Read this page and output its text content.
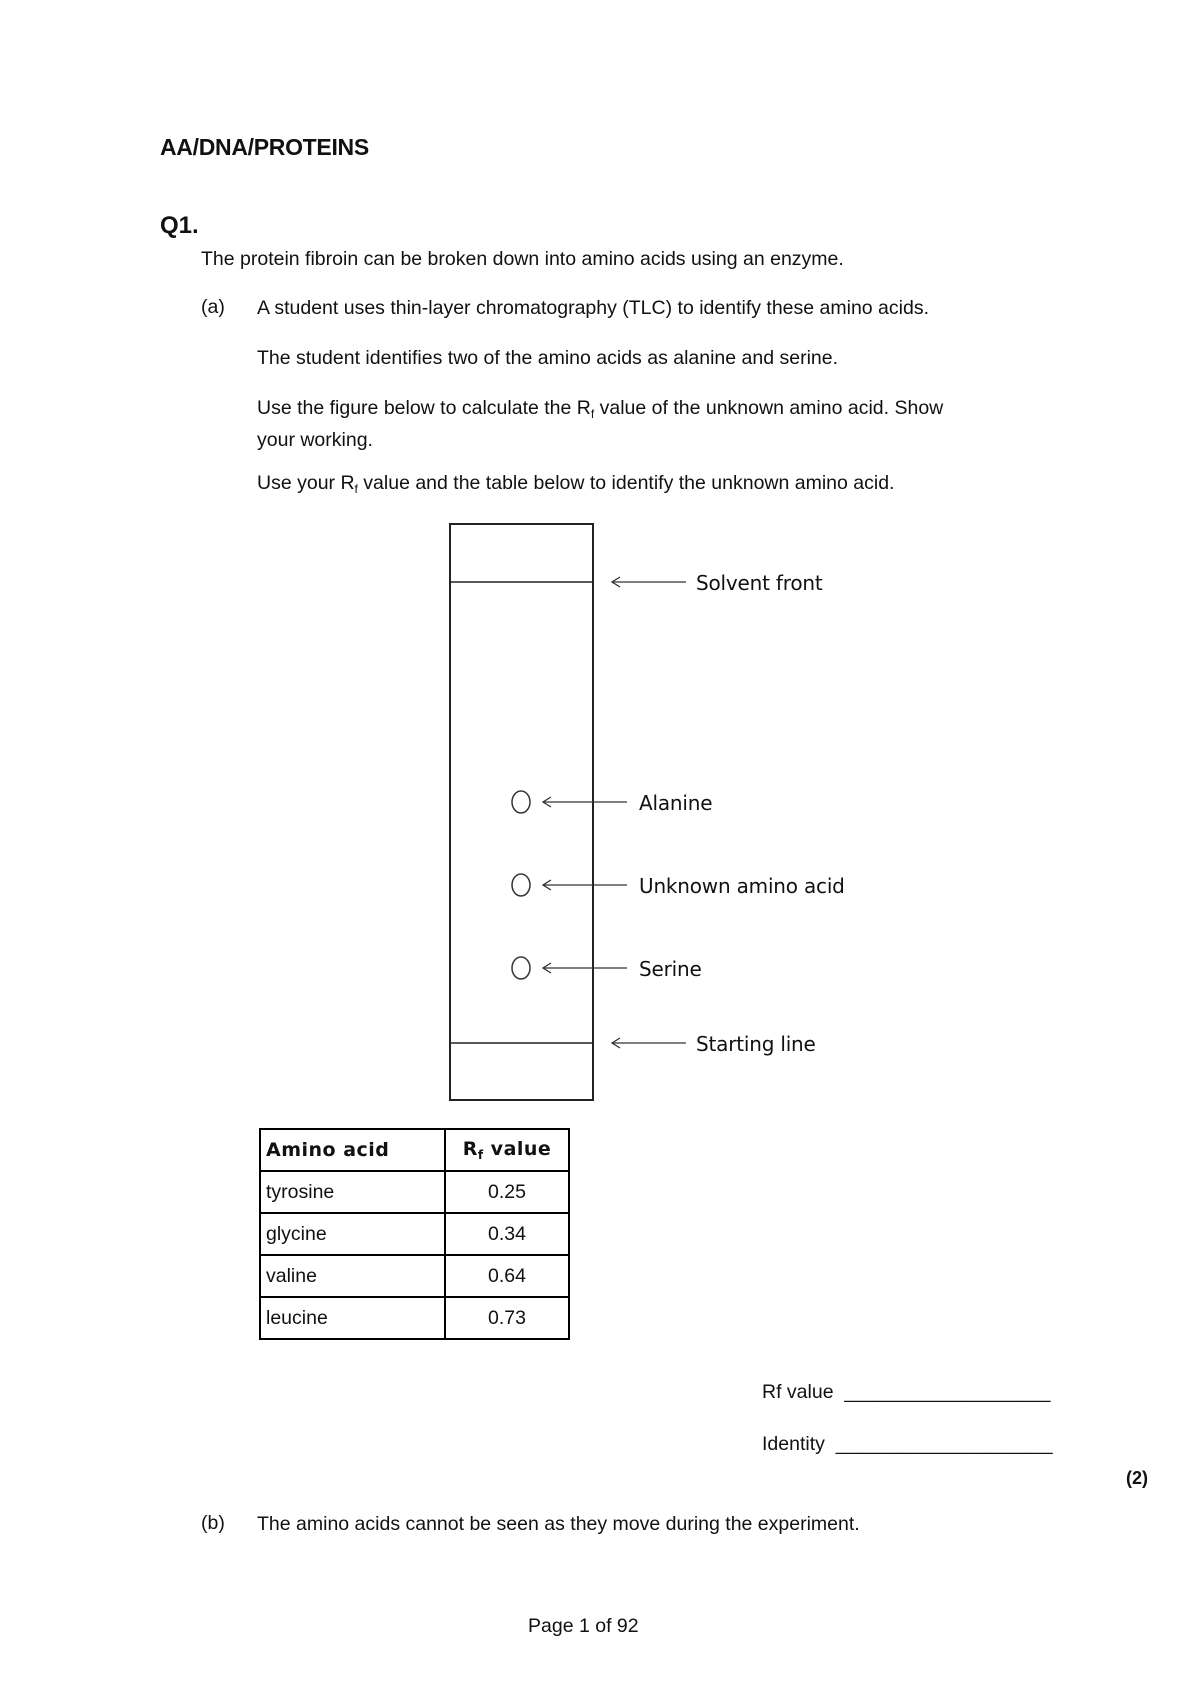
AA/DNA/PROTEINS
Q1.
The protein fibroin can be broken down into amino acids using an enzyme.
(a) A student uses thin-layer chromatography (TLC) to identify these amino acids.
The student identifies two of the amino acids as alanine and serine.
Use the figure below to calculate the $R_f$ value of the unknown amino acid. Show
your working.
Use your $R_f$ value and the table below to identify the unknown amino acid.
Solvent front
Alanine
Unknown amino acid
Serine
Starting line
Amino acid	$R_f$ value
tyrosine	0.25
glycine	0.34
valine	0.64
leucine	0.73
Rf value ___________________
Identity ____________________
(2)
(b) The amino acids cannot be seen as they move during the experiment.
Page 1 of 92
